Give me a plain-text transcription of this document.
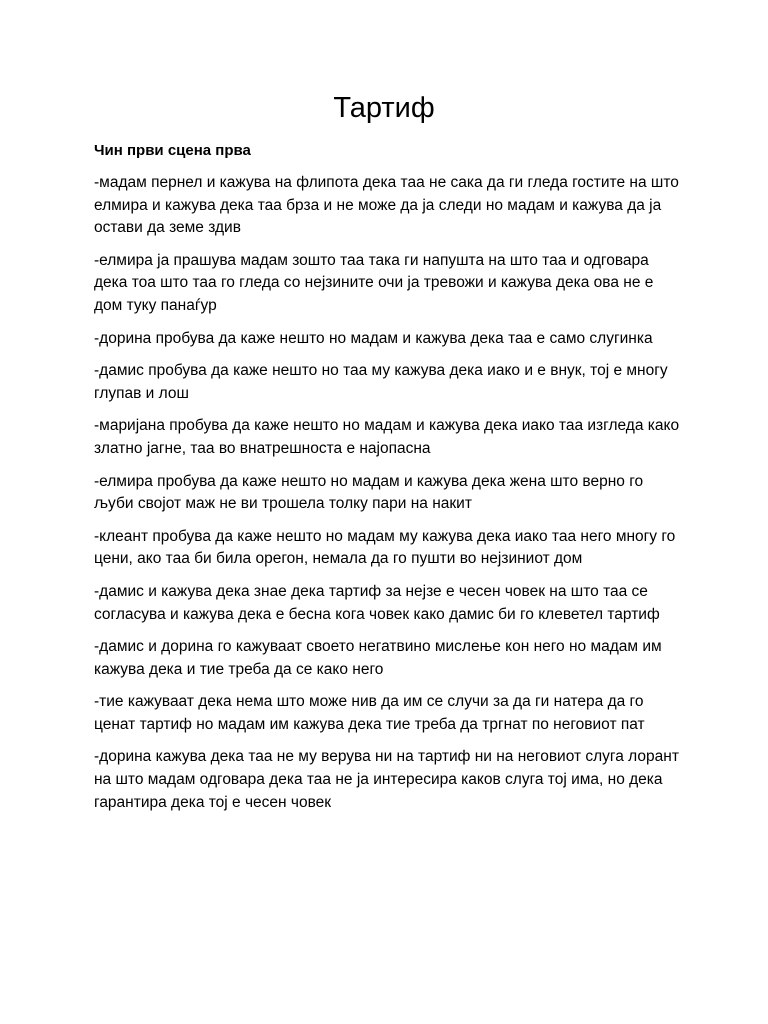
Тартиф
Чин први сцена прва

-мадам пернел и кажува на флипота дека таа не сака да ги гледа гостите на што елмира и кажува дека таа брза и не може да ја следи но мадам и кажува да ја остави да земе здив

-елмира ја прашува мадам зошто таа така ги напушта на што таа и одговара дека тоа што таа го гледа со нејзините очи ја тревожи и кажува дека ова не е дом туку панаѓур

-дорина пробува да каже нешто но мадам и кажува дека таа е само слугинка

-дамис пробува да каже нешто но таа му кажува дека иако и е внук, тој е многу глупав и лош

-маријана пробува да каже нешто но мадам и кажува дека иако таа изгледа како златно јагне, таа во внатрешноста е најопасна

-елмира пробува да каже нешто но мадам и кажува дека жена што верно го љуби својот маж не ви трошела толку пари на накит

-клеант пробува да каже нешто но мадам му кажува дека иако таа него многу го цени, ако таа би била орегон, немала да го пушти во нејзиниот дом

-дамис и кажува дека знае дека тартиф за нејзе е чесен човек на што таа се согласува и кажува дека е бесна кога човек како дамис би го клеветел тартиф

-дамис и дорина го кажуваат своето негатвино мислење кон него но мадам им кажува дека и тие треба да се како него

-тие кажуваат дека нема што може нив да им се случи за да ги натера да го ценат тартиф но мадам им кажува дека тие треба да тргнат по неговиот пат

-дорина кажува дека таа не му верува ни на тартиф ни на неговиот слуга лорант на што мадам одговара дека таа не ја интересира каков слуга тој има, но дека гарантира дека тој е чесен човек
